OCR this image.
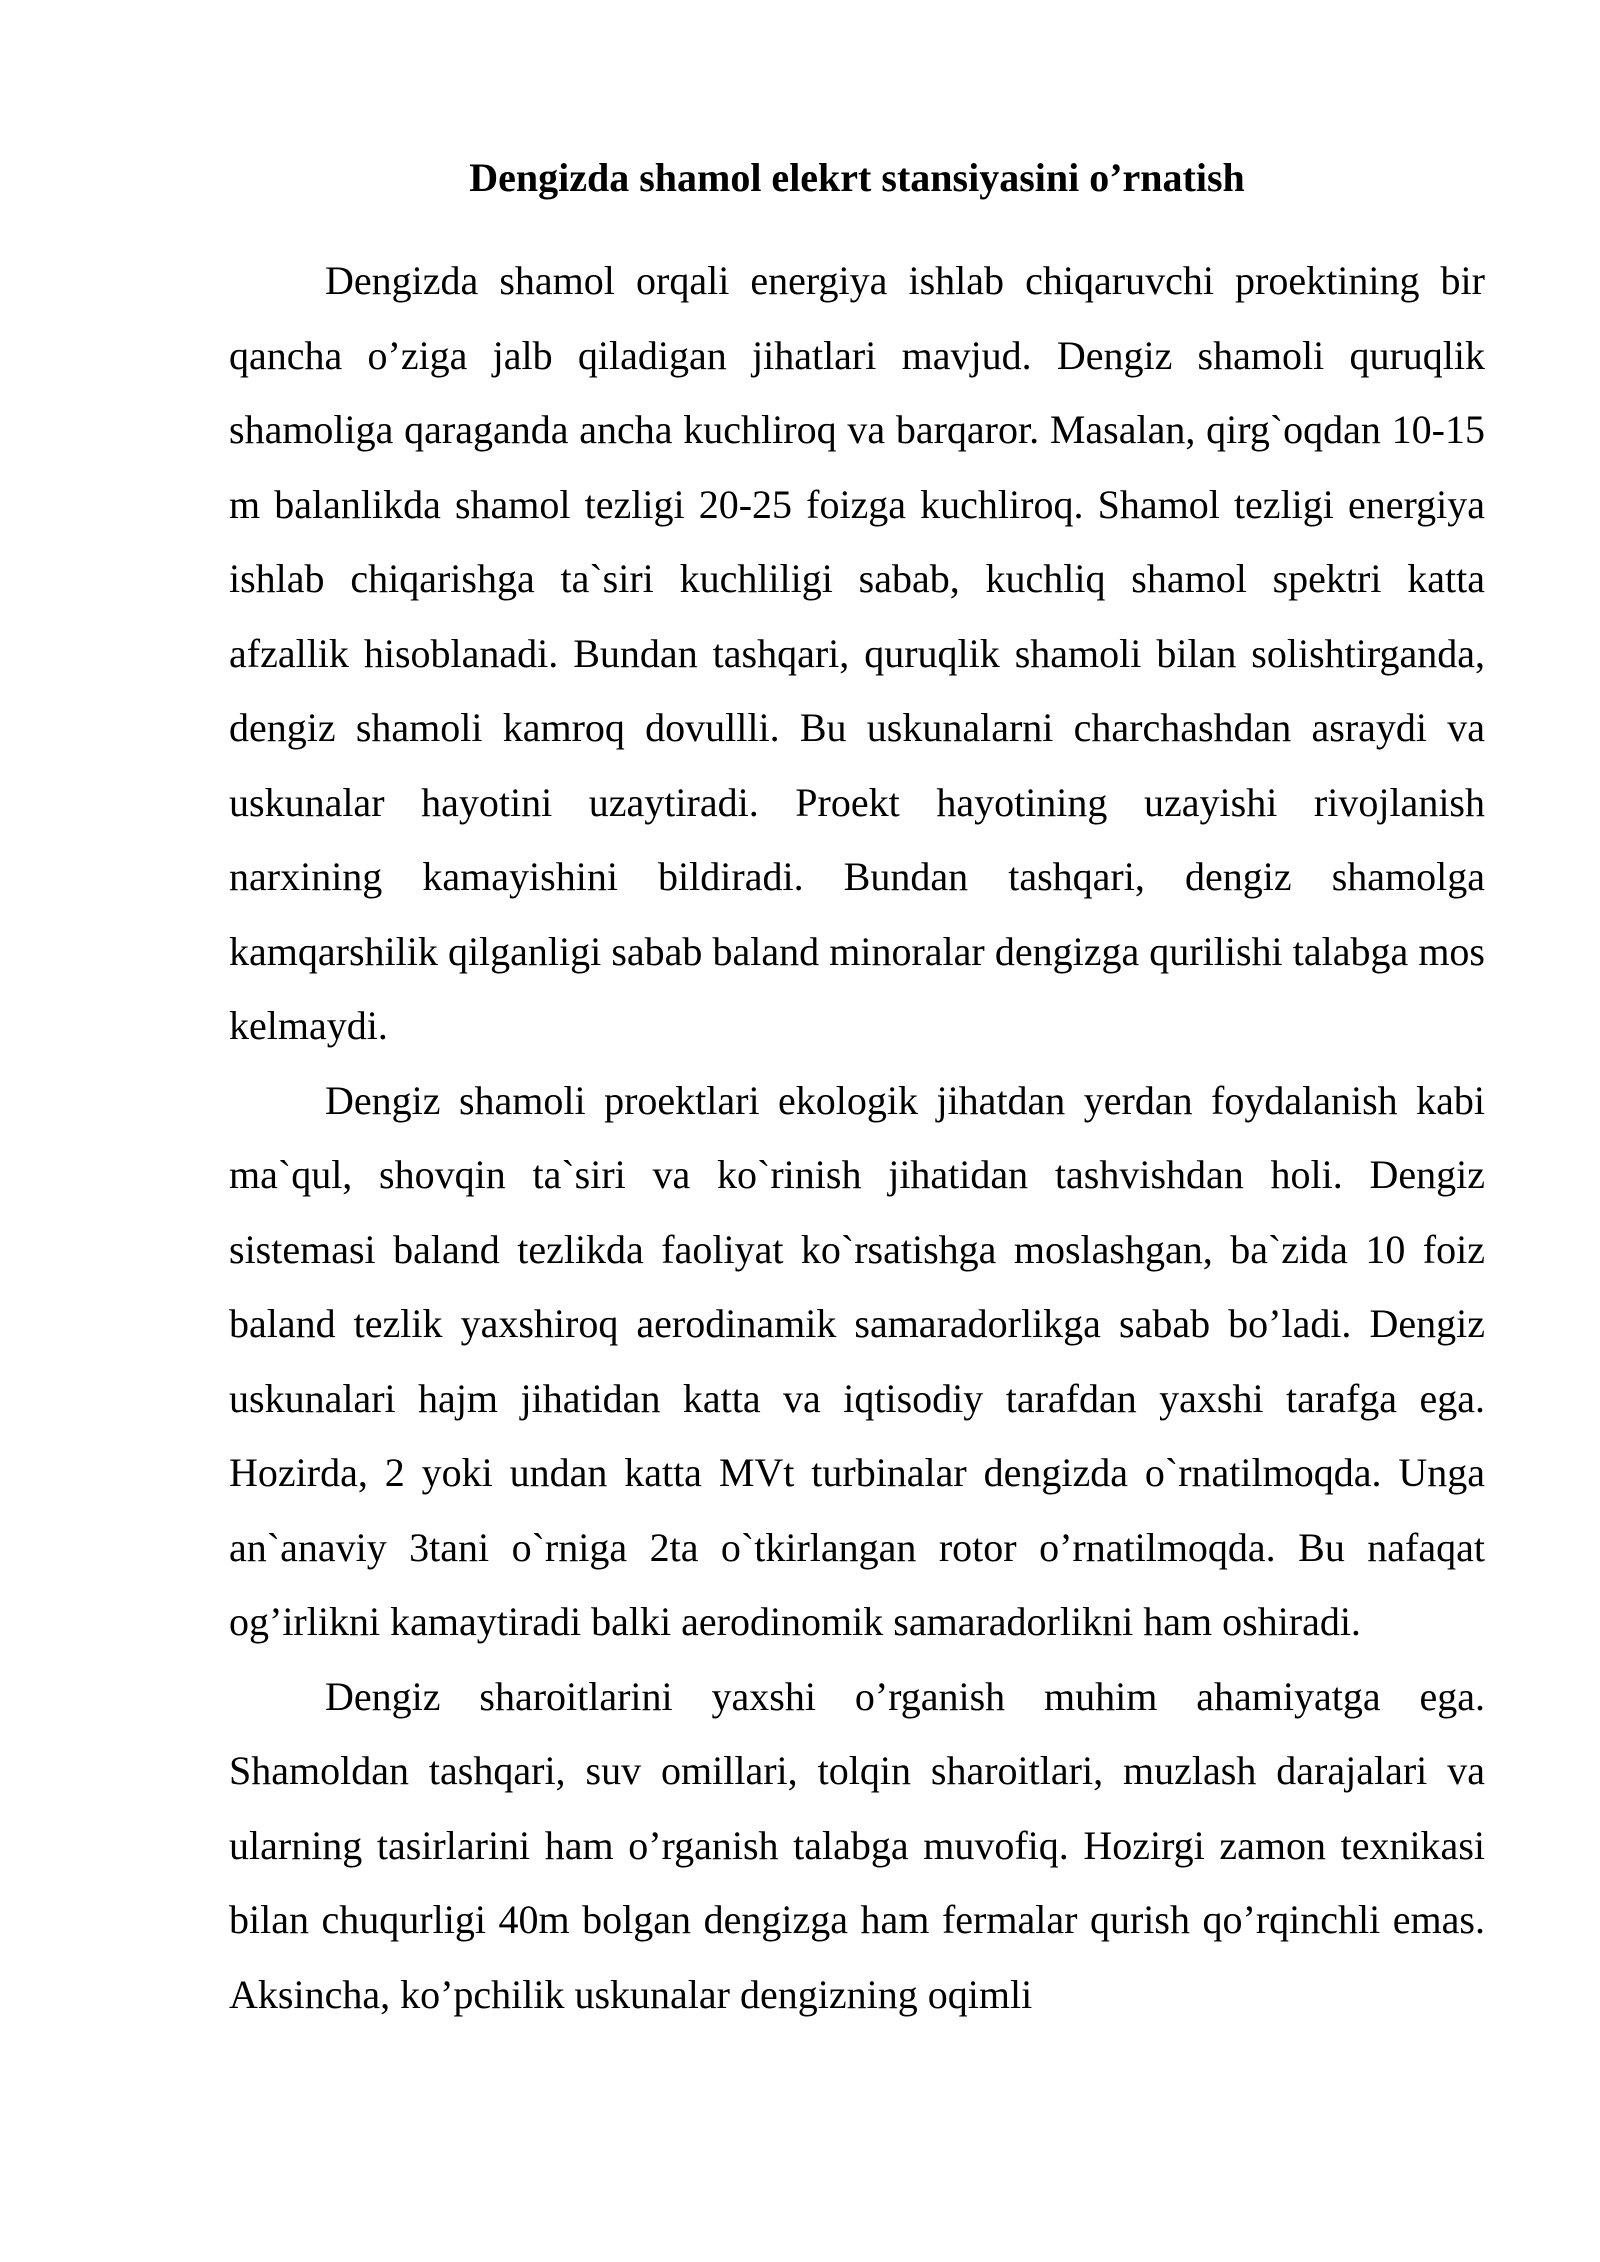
Dengizda shamol elekrt stansiyasini o’rnatish

Dengizda shamol orqali energiya ishlab chiqaruvchi proektining bir qancha o’ziga jalb qiladigan jihatlari mavjud. Dengiz shamoli quruqlik shamoliga qaraganda ancha kuchliroq va barqaror. Masalan, qirg`oqdan 10-15 m balanlikda shamol tezligi 20-25 foizga kuchliroq. Shamol tezligi energiya ishlab chiqarishga ta`siri kuchliligi sabab, kuchliq shamol spektri katta afzallik hisoblanadi. Bundan tashqari, quruqlik shamoli bilan solishtirganda, dengiz shamoli kamroq dovullli. Bu uskunalarni charchashdan asraydi va uskunalar hayotini uzaytiradi. Proekt hayotining uzayishi rivojlanish narxining kamayishini bildiradi. Bundan tashqari, dengiz shamolga kamqarshilik qilganligi sabab baland minoralar dengizga qurilishi talabga mos kelmaydi.

Dengiz shamoli proektlari ekologik jihatdan yerdan foydalanish kabi ma`qul, shovqin ta`siri va ko`rinish jihatidan tashvishdan holi. Dengiz sistemasi baland tezlikda faoliyat ko`rsatishga moslashgan, ba`zida 10 foiz baland tezlik yaxshiroq aerodinamik samaradorlikga sabab bo’ladi. Dengiz uskunalari hajm jihatidan katta va iqtisodiy tarafdan yaxshi tarafga ega. Hozirda, 2 yoki undan katta MVt turbinalar dengizda o`rnatilmoqda. Unga an`anaviy 3tani o`rniga 2ta o`tkirlangan rotor o’rnatilmoqda. Bu nafaqat og’irlikni kamaytiradi balki aerodinomik samaradorlikni ham oshiradi.

Dengiz sharoitlarini yaxshi o’rganish muhim ahamiyatga ega. Shamoldan tashqari, suv omillari, tolqin sharoitlari, muzlash darajalari va ularning tasirlarini ham o’rganish talabga muvofiq. Hozirgi zamon texnikasi bilan chuqurligi 40m bolgan dengizga ham fermalar qurish qo’rqinchli emas. Aksincha, ko’pchilik uskunalar dengizning oqimli
